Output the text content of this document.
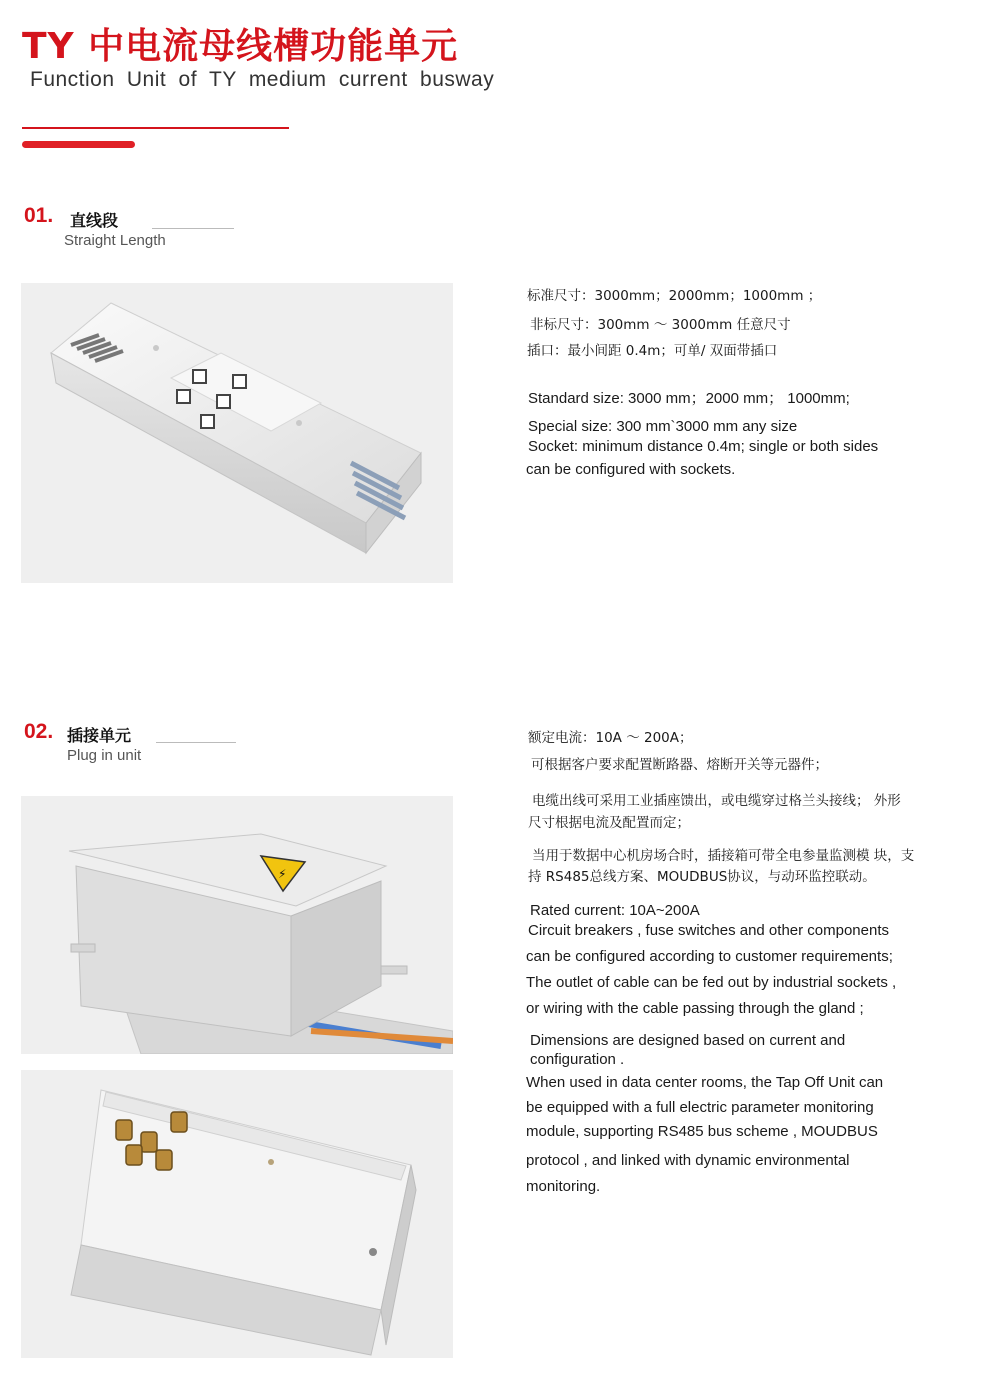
TY 中电流母线槽功能单元
Function Unit of TY medium current busway
01. 直线段
Straight Length
标准尺寸：3000mm；2000mm；1000mm ；
非标尺寸：300mm ～ 3000mm 任意尺寸
插口：最小间距 0.4m；可单/ 双面带插口
Standard size: 3000 mm；2000 mm； 1000mm;
Special size: 300 mm`3000 mm any size
Socket: minimum distance 0.4m; single or both sides
can be configured with sockets.
02. 插接单元
Plug in unit
⚡
额定电流：10A ～ 200A；
可根据客户要求配置断路器、熔断开关等元器件；
电缆出线可采用工业插座馈出，或电缆穿过格兰头接线； 外形
尺寸根据电流及配置而定；
当用于数据中心机房场合时，插接箱可带全电参量监测模 块，支
持 RS485总线方案、MOUDBUS协议，与动环监控联动。
Rated current: 10A~200A
Circuit breakers , fuse switches and other components
can be configured according to customer requirements;
The outlet of cable can be fed out by industrial sockets ,
or wiring with the cable passing through the gland ;
Dimensions are designed based on current and
configuration .
When used in data center rooms, the Tap Off Unit can
be equipped with a full electric parameter monitoring
module, supporting RS485 bus scheme , MOUDBUS
protocol , and linked with dynamic environmental
monitoring.
